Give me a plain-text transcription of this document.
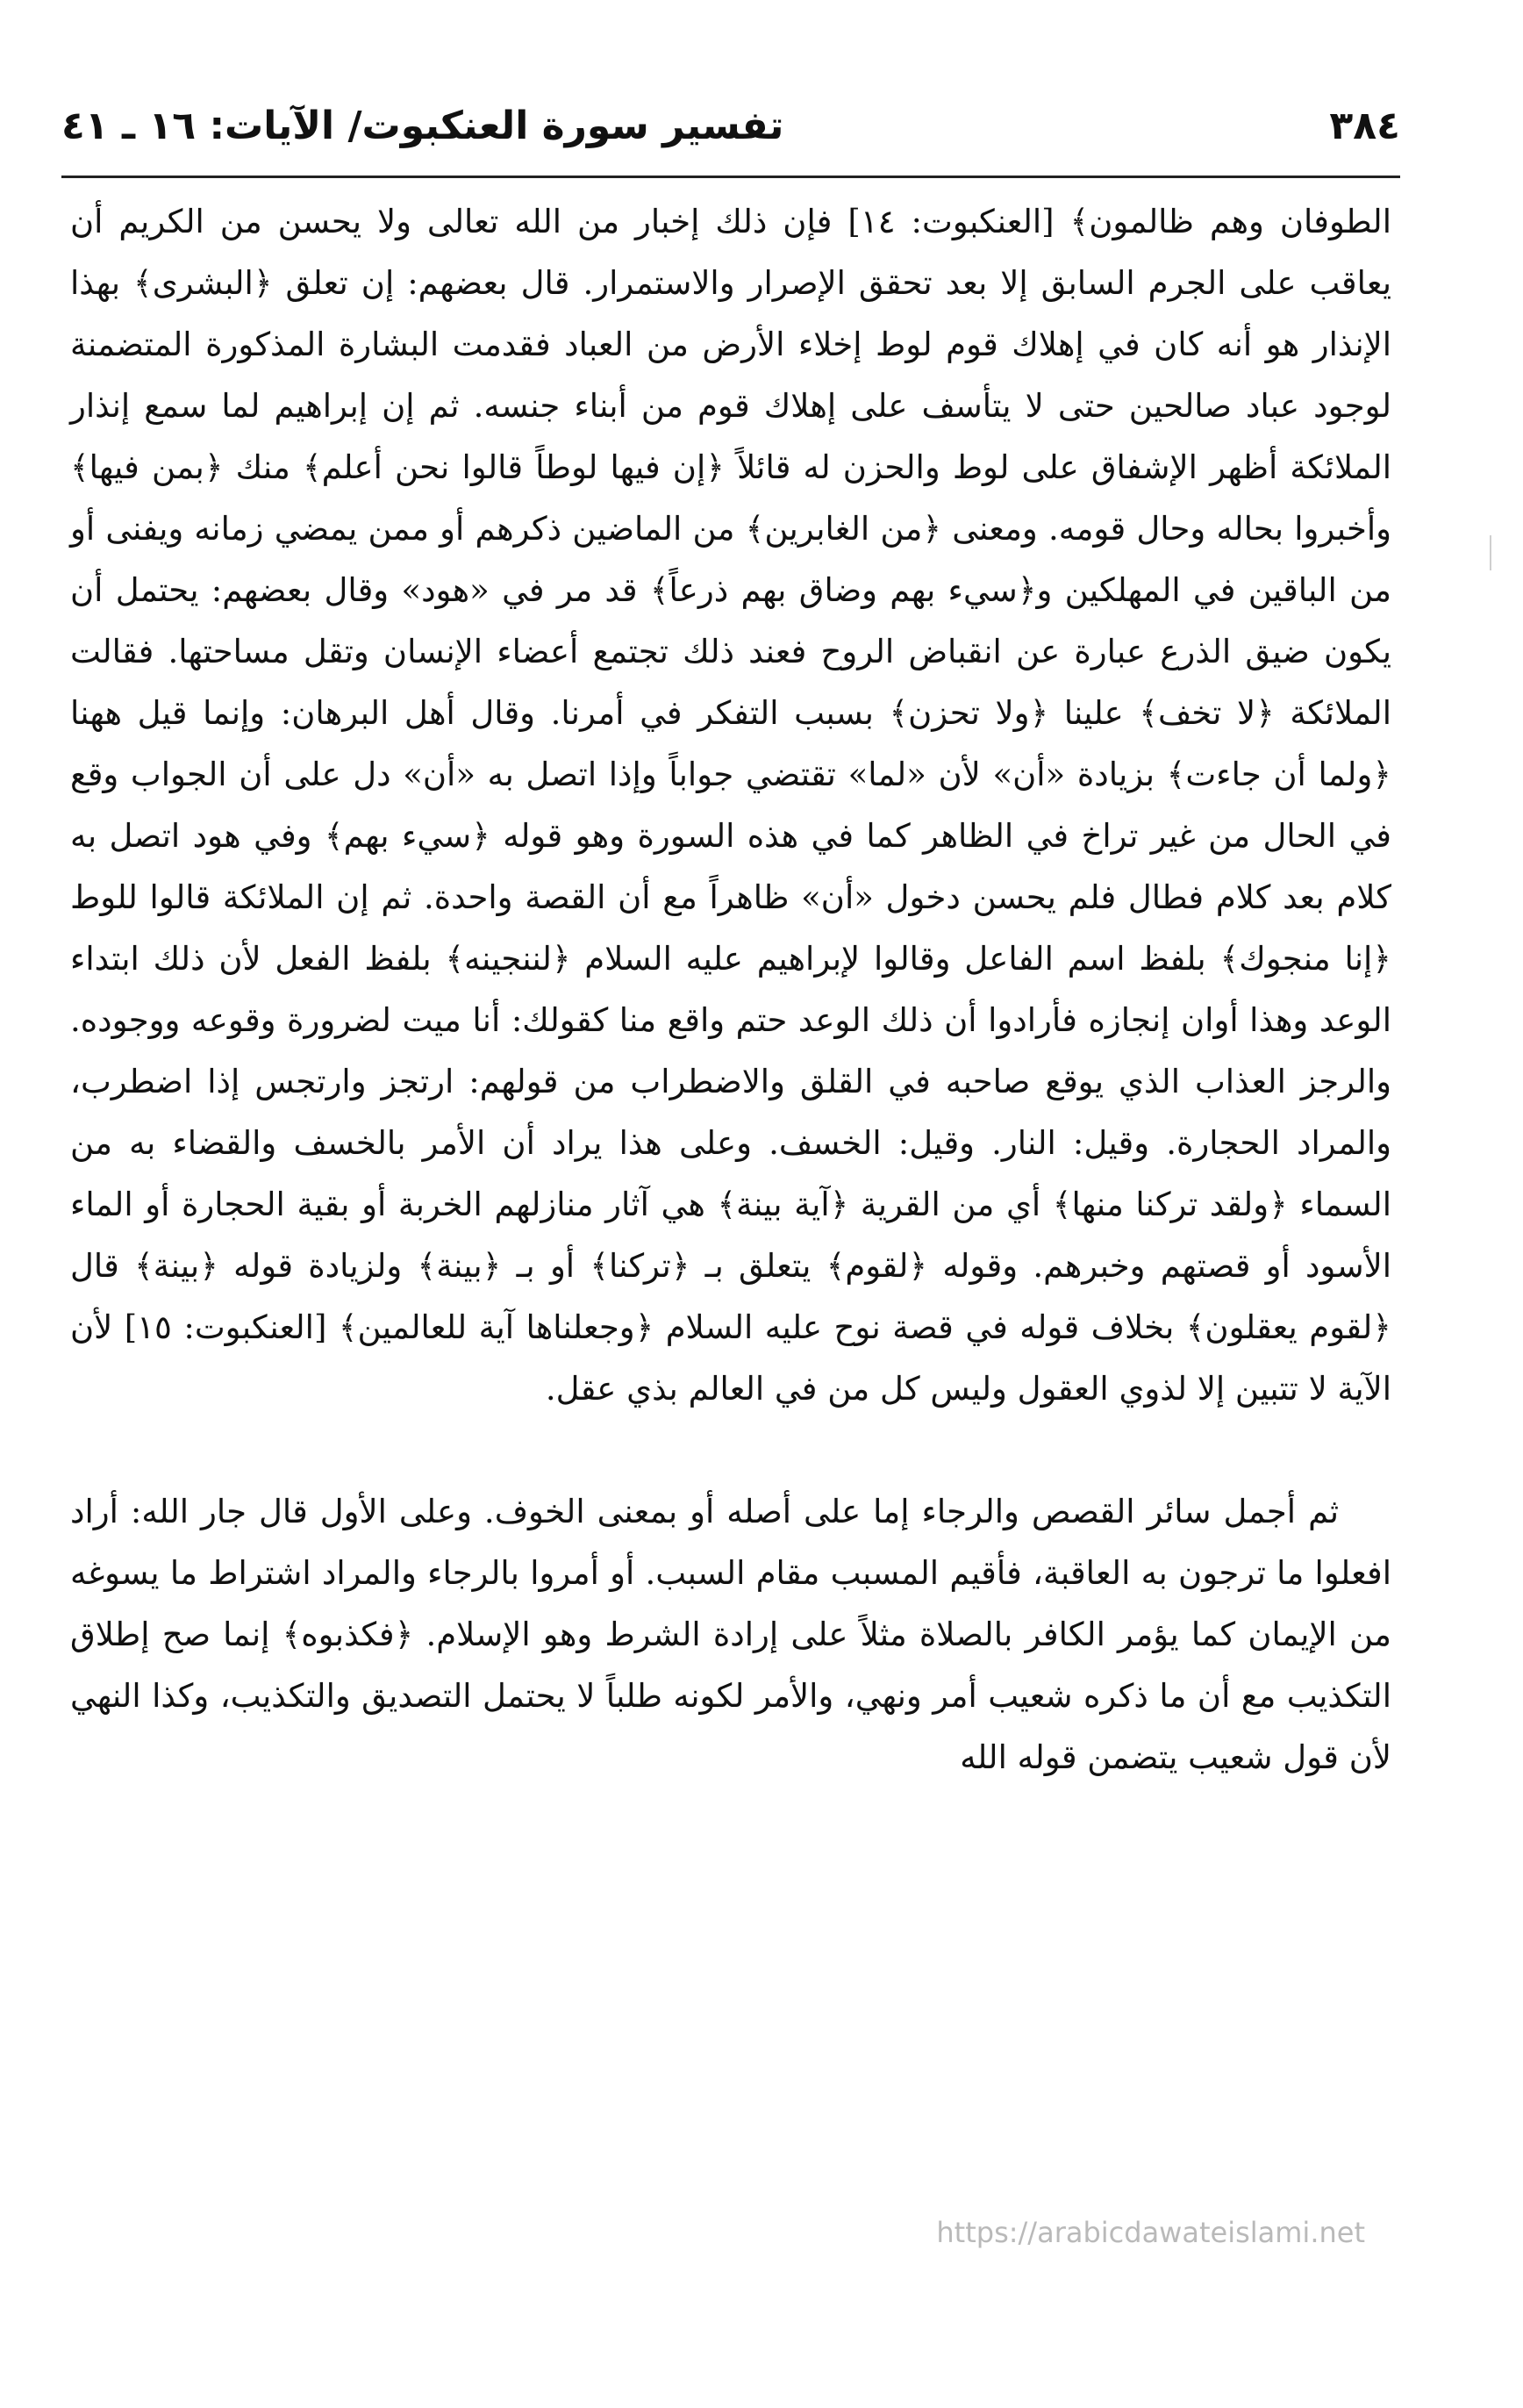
٣٨٤
تفسير سورة العنكبوت/ الآيات: ١٦ ـ ٤١

الطوفان وهم ظالمون﴾ [العنكبوت: ١٤] فإن ذلك إخبار من الله تعالى ولا يحسن من الكريم أن يعاقب على الجرم السابق إلا بعد تحقق الإصرار والاستمرار. قال بعضهم: إن تعلق ﴿البشرى﴾ بهذا الإنذار هو أنه كان في إهلاك قوم لوط إخلاء الأرض من العباد فقدمت البشارة المذكورة المتضمنة لوجود عباد صالحين حتى لا يتأسف على إهلاك قوم من أبناء جنسه. ثم إن إبراهيم لما سمع إنذار الملائكة أظهر الإشفاق على لوط والحزن له قائلاً ﴿إن فيها لوطاً قالوا نحن أعلم﴾ منك ﴿بمن فيها﴾ وأخبروا بحاله وحال قومه. ومعنى ﴿من الغابرين﴾ من الماضين ذكرهم أو ممن يمضي زمانه ويفنى أو من الباقين في المهلكين و﴿سيء بهم وضاق بهم ذرعاً﴾ قد مر في «هود» وقال بعضهم: يحتمل أن يكون ضيق الذرع عبارة عن انقباض الروح فعند ذلك تجتمع أعضاء الإنسان وتقل مساحتها. فقالت الملائكة ﴿لا تخف﴾ علينا ﴿ولا تحزن﴾ بسبب التفكر في أمرنا. وقال أهل البرهان: وإنما قيل ههنا ﴿ولما أن جاءت﴾ بزيادة «أن» لأن «لما» تقتضي جواباً وإذا اتصل به «أن» دل على أن الجواب وقع في الحال من غير تراخ في الظاهر كما في هذه السورة وهو قوله ﴿سيء بهم﴾ وفي هود اتصل به كلام بعد كلام فطال فلم يحسن دخول «أن» ظاهراً مع أن القصة واحدة. ثم إن الملائكة قالوا للوط ﴿إنا منجوك﴾ بلفظ اسم الفاعل وقالوا لإبراهيم عليه السلام ﴿لننجينه﴾ بلفظ الفعل لأن ذلك ابتداء الوعد وهذا أوان إنجازه فأرادوا أن ذلك الوعد حتم واقع منا كقولك: أنا ميت لضرورة وقوعه ووجوده. والرجز العذاب الذي يوقع صاحبه في القلق والاضطراب من قولهم: ارتجز وارتجس إذا اضطرب، والمراد الحجارة. وقيل: النار. وقيل: الخسف. وعلى هذا يراد أن الأمر بالخسف والقضاء به من السماء ﴿ولقد تركنا منها﴾ أي من القرية ﴿آية بينة﴾ هي آثار منازلهم الخربة أو بقية الحجارة أو الماء الأسود أو قصتهم وخبرهم. وقوله ﴿لقوم﴾ يتعلق بـ ﴿تركنا﴾ أو بـ ﴿بينة﴾ ولزيادة قوله ﴿بينة﴾ قال ﴿لقوم يعقلون﴾ بخلاف قوله في قصة نوح عليه السلام ﴿وجعلناها آية للعالمين﴾ [العنكبوت: ١٥] لأن الآية لا تتبين إلا لذوي العقول وليس كل من في العالم بذي عقل.

ثم أجمل سائر القصص والرجاء إما على أصله أو بمعنى الخوف. وعلى الأول قال جار الله: أراد افعلوا ما ترجون به العاقبة، فأقيم المسبب مقام السبب. أو أمروا بالرجاء والمراد اشتراط ما يسوغه من الإيمان كما يؤمر الكافر بالصلاة مثلاً على إرادة الشرط وهو الإسلام. ﴿فكذبوه﴾ إنما صح إطلاق التكذيب مع أن ما ذكره شعيب أمر ونهي، والأمر لكونه طلباً لا يحتمل التصديق والتكذيب، وكذا النهي لأن قول شعيب يتضمن قوله الله

https://arabicdawateislami.net
